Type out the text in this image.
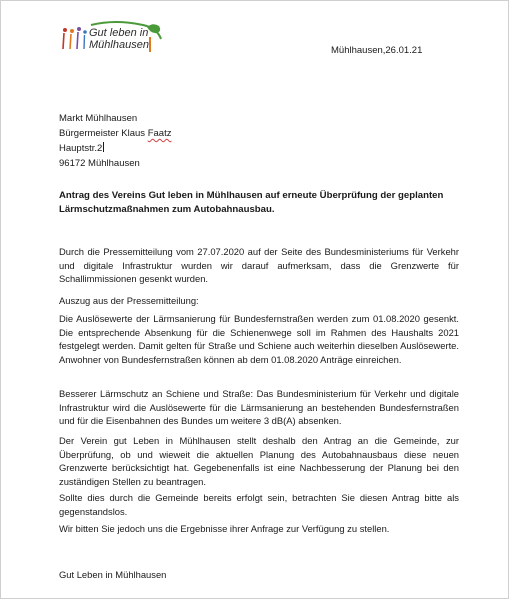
Gut leben in
Mühlhausen	Mühlhausen,26.01.21
Markt Mühlhausen
Bürgermeister Klaus Faatz
Hauptstr.2
96172 Mühlhausen
Antrag des Vereins Gut leben in Mühlhausen auf erneute Überprüfung der geplanten
Lärmschutzmaßnahmen zum Autobahnausbau.
Durch die Pressemitteilung vom 27.07.2020 auf der Seite des Bundesministeriums für Verkehr und digitale Infrastruktur wurden wir darauf aufmerksam, dass die Grenzwerte für Schallimmissionen gesenkt wurden.
Auszug aus der Pressemitteilung:
Die Auslösewerte der Lärmsanierung für Bundesfernstraßen werden zum 01.08.2020 gesenkt. Die entsprechende Absenkung für die Schienenwege soll im Rahmen des Haushalts 2021 festgelegt werden. Damit gelten für Straße und Schiene auch weiterhin dieselben Auslösewerte. Anwohner von Bundesfernstraßen können ab dem 01.08.2020 Anträge einreichen.
Besserer Lärmschutz an Schiene und Straße: Das Bundesministerium für Verkehr und digitale Infrastruktur wird die Auslösewerte für die Lärmsanierung an bestehenden Bundesfernstraßen und für die Eisenbahnen des Bundes um weitere 3 dB(A) absenken.
Der Verein gut Leben in Mühlhausen stellt deshalb den Antrag an die Gemeinde, zur Überprüfung, ob und wieweit die aktuellen Planung des Autobahnausbaus diese neuen Grenzwerte berücksichtigt hat. Gegebenenfalls ist eine Nachbesserung der Planung bei den zuständigen Stellen zu beantragen.
Sollte dies durch die Gemeinde bereits erfolgt sein, betrachten Sie diesen Antrag bitte als gegenstandslos.
Wir bitten Sie jedoch uns die Ergebnisse ihrer Anfrage zur Verfügung zu stellen.
Gut Leben in Mühlhausen
